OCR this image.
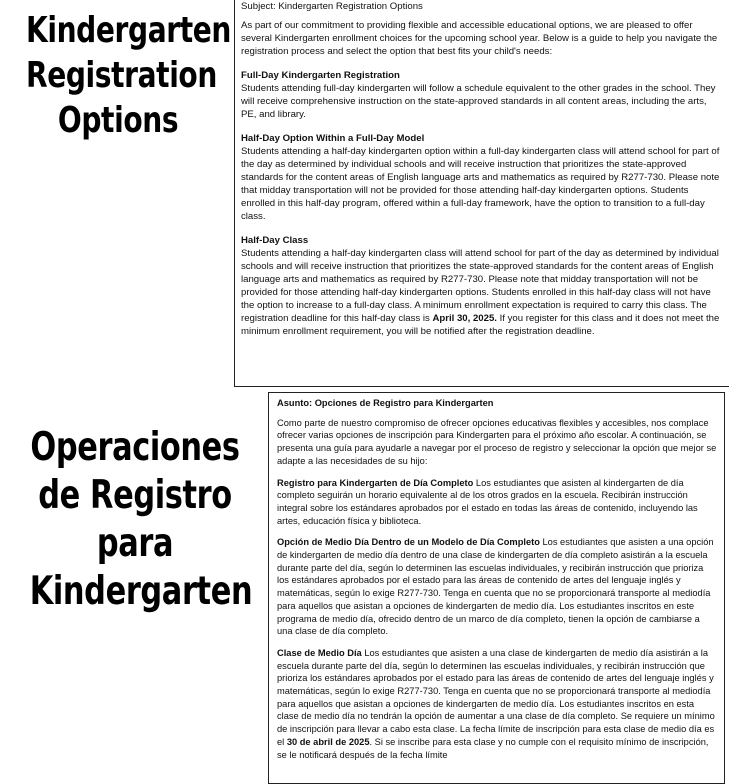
Kindergarten
Registration
Options
Subject: Kindergarten Registration Options

As part of our commitment to providing flexible and accessible educational options, we are pleased to offer several Kindergarten enrollment choices for the upcoming school year. Below is a guide to help you navigate the registration process and select the option that best fits your child's needs:

Full-Day Kindergarten Registration
Students attending full-day kindergarten will follow a schedule equivalent to the other grades in the school. They will receive comprehensive instruction on the state-approved standards in all content areas, including the arts, PE, and library.

Half-Day Option Within a Full-Day Model
Students attending a half-day kindergarten option within a full-day kindergarten class will attend school for part of the day as determined by individual schools and will receive instruction that prioritizes the state-approved standards for the content areas of English language arts and mathematics as required by R277-730. Please note that midday transportation will not be provided for those attending half-day kindergarten options. Students enrolled in this half-day program, offered within a full-day framework, have the option to transition to a full-day class.

Half-Day Class
Students attending a half-day kindergarten class will attend school for part of the day as determined by individual schools and will receive instruction that prioritizes the state-approved standards for the content areas of English language arts and mathematics as required by R277-730. Please note that midday transportation will not be provided for those attending half-day kindergarten options. Students enrolled in this half-day class will not have the option to increase to a full-day class. A minimum enrollment expectation is required to carry this class. The registration deadline for this half-day class is April 30, 2025. If you register for this class and it does not meet the minimum enrollment requirement, you will be notified after the registration deadline.

Operaciones
de Registro
para
Kindergarten
Asunto: Opciones de Registro para Kindergarten

Como parte de nuestro compromiso de ofrecer opciones educativas flexibles y accesibles, nos complace ofrecer varias opciones de inscripción para Kindergarten para el próximo año escolar. A continuación, se presenta una guía para ayudarle a navegar por el proceso de registro y seleccionar la opción que mejor se adapte a las necesidades de su hijo:

Registro para Kindergarten de Día Completo Los estudiantes que asisten al kindergarten de día completo seguirán un horario equivalente al de los otros grados en la escuela. Recibirán instrucción integral sobre los estándares aprobados por el estado en todas las áreas de contenido, incluyendo las artes, educación física y biblioteca.

Opción de Medio Día Dentro de un Modelo de Día Completo Los estudiantes que asisten a una opción de kindergarten de medio día dentro de una clase de kindergarten de día completo asistirán a la escuela durante parte del día, según lo determinen las escuelas individuales, y recibirán instrucción que prioriza los estándares aprobados por el estado para las áreas de contenido de artes del lenguaje inglés y matemáticas, según lo exige R277-730. Tenga en cuenta que no se proporcionará transporte al mediodía para aquellos que asistan a opciones de kindergarten de medio día. Los estudiantes inscritos en este programa de medio día, ofrecido dentro de un marco de día completo, tienen la opción de cambiarse a una clase de día completo.

Clase de Medio Día Los estudiantes que asisten a una clase de kindergarten de medio día asistirán a la escuela durante parte del día, según lo determinen las escuelas individuales, y recibirán instrucción que prioriza los estándares aprobados por el estado para las áreas de contenido de artes del lenguaje inglés y matemáticas, según lo exige R277-730. Tenga en cuenta que no se proporcionará transporte al mediodía para aquellos que asistan a opciones de kindergarten de medio día. Los estudiantes inscritos en esta clase de medio día no tendrán la opción de aumentar a una clase de día completo. Se requiere un mínimo de inscripción para llevar a cabo esta clase. La fecha límite de inscripción para esta clase de medio día es el 30 de abril de 2025. Si se inscribe para esta clase y no cumple con el requisito mínimo de inscripción, se le notificará después de la fecha límite
